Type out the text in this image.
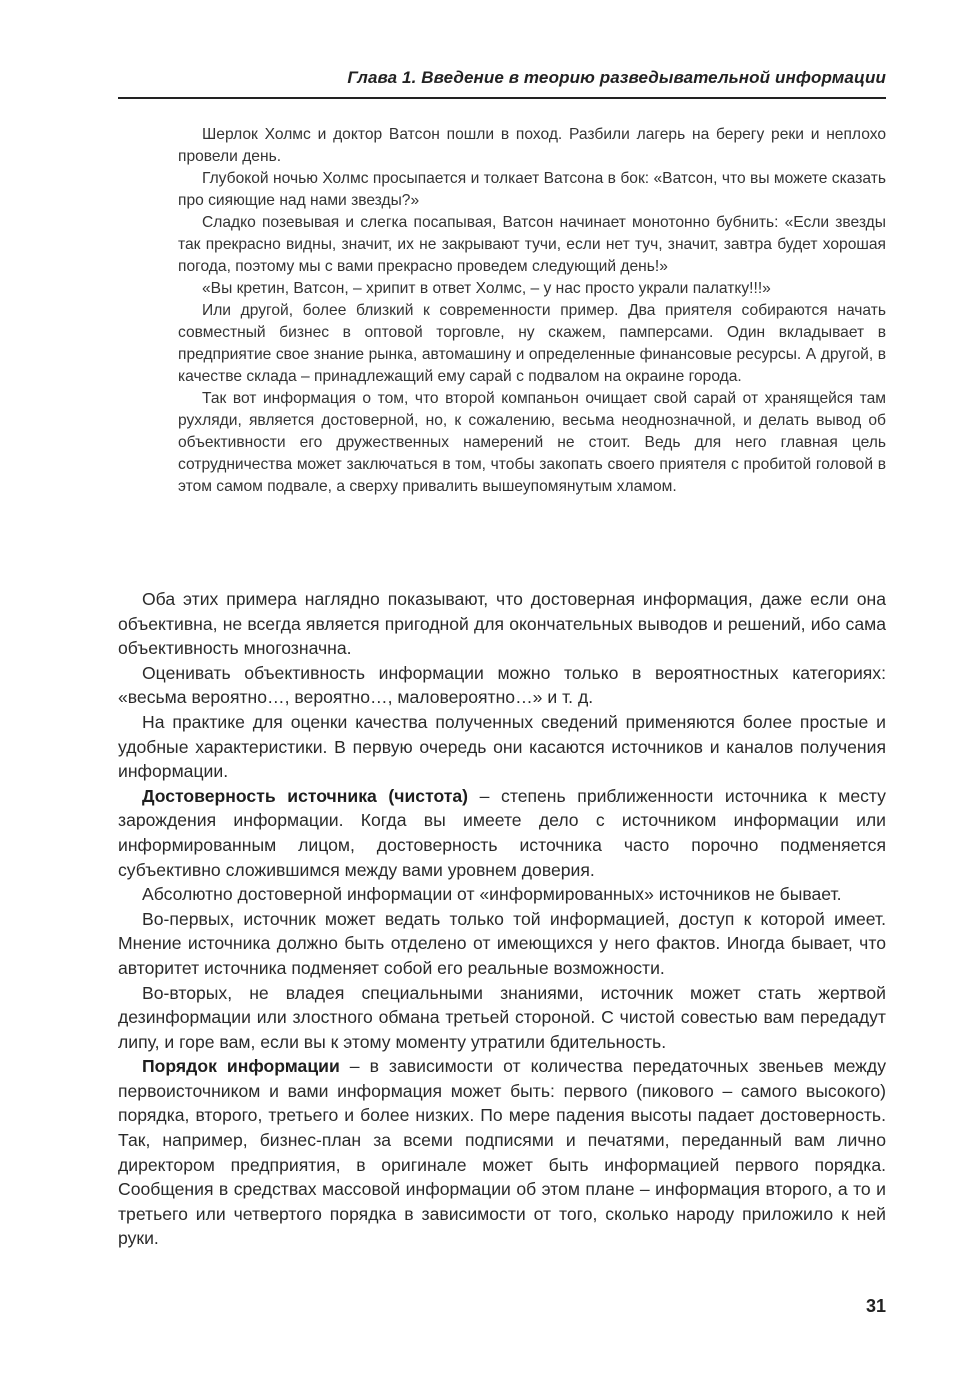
Глава 1. Введение в теорию разведывательной информации

Шерлок Холмс и доктор Ватсон пошли в поход. Разбили лагерь на берегу реки и неплохо провели день.

Глубокой ночью Холмс просыпается и толкает Ватсона в бок: «Ватсон, что вы можете сказать про сияющие над нами звезды?»

Сладко позевывая и слегка посапывая, Ватсон начинает монотонно бубнить: «Если звезды так прекрасно видны, значит, их не закрывают тучи, если нет туч, значит, завтра будет хорошая погода, поэтому мы с вами прекрасно проведем следующий день!»

«Вы кретин, Ватсон, – хрипит в ответ Холмс, – у нас просто украли палатку!!!»

Или другой, более близкий к современности пример. Два приятеля собираются начать совместный бизнес в оптовой торговле, ну скажем, памперсами. Один вкладывает в предприятие свое знание рынка, автомашину и определенные финансовые ресурсы. А другой, в качестве склада – принадлежащий ему сарай с подвалом на окраине города.

Так вот информация о том, что второй компаньон очищает свой сарай от хранящейся там рухляди, является достоверной, но, к сожалению, весьма неоднозначной, и делать вывод об объективности его дружественных намерений не стоит. Ведь для него главная цель сотрудничества может заключаться в том, чтобы закопать своего приятеля с пробитой головой в этом самом подвале, а сверху привалить вышеупомянутым хламом.

Оба этих примера наглядно показывают, что достоверная информация, даже если она объективна, не всегда является пригодной для окончательных выводов и решений, ибо сама объективность многозначна.

Оценивать объективность информации можно только в вероятностных категориях: «весьма вероятно…, вероятно…, маловероятно…» и т. д.

На практике для оценки качества полученных сведений применяются более простые и удобные характеристики. В первую очередь они касаются источников и каналов получения информации.

Достоверность источника (чистота) – степень приближенности источника к месту зарождения информации. Когда вы имеете дело с источником информации или информированным лицом, достоверность источника часто порочно подменяется субъективно сложившимся между вами уровнем доверия.

Абсолютно достоверной информации от «информированных» источников не бывает.

Во-первых, источник может ведать только той информацией, доступ к которой имеет. Мнение источника должно быть отделено от имеющихся у него фактов. Иногда бывает, что авторитет источника подменяет собой его реальные возможности.

Во-вторых, не владея специальными знаниями, источник может стать жертвой дезинформации или злостного обмана третьей стороной. С чистой совестью вам передадут липу, и горе вам, если вы к этому моменту утратили бдительность.

Порядок информации – в зависимости от количества передаточных звеньев между первоисточником и вами информация может быть: первого (пикового – самого высокого) порядка, второго, третьего и более низких. По мере падения высоты падает достоверность. Так, например, бизнес-план за всеми подписями и печатями, переданный вам лично директором предприятия, в оригинале может быть информацией первого порядка. Сообщения в средствах массовой информации об этом плане – информация второго, а то и третьего или четвертого порядка в зависимости от того, сколько народу приложило к ней руки.

31
